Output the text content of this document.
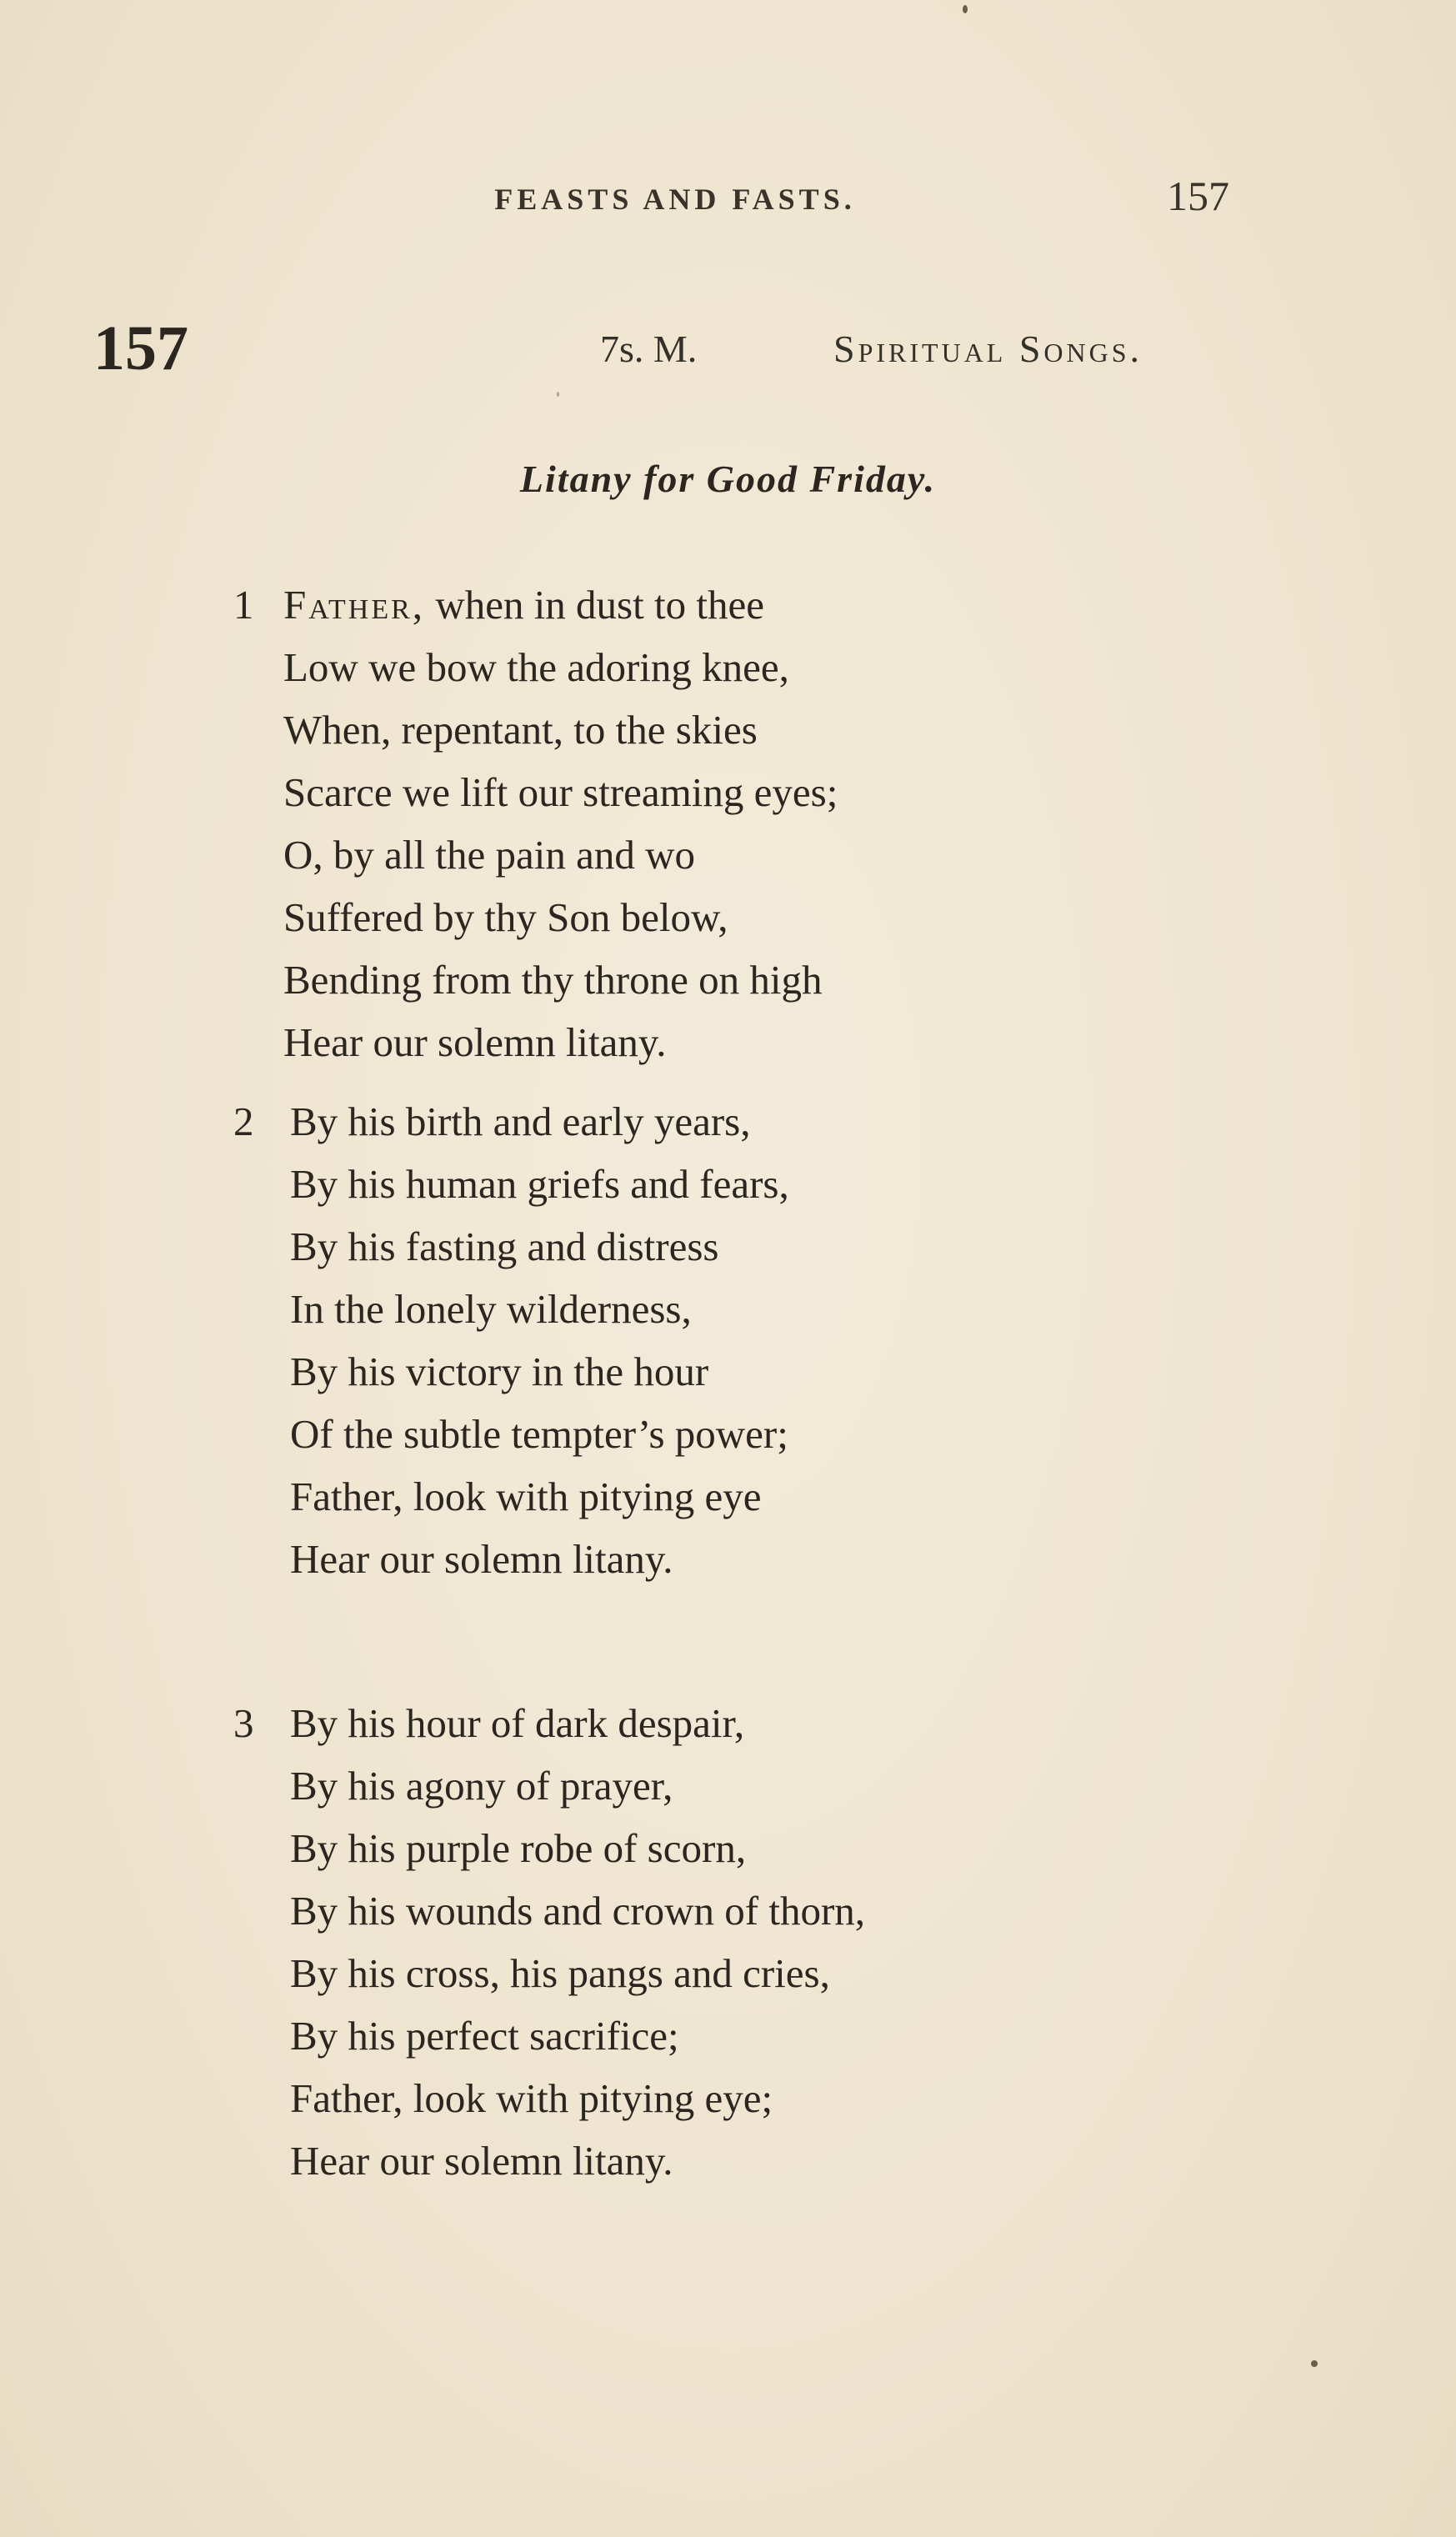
FEASTS AND FASTS.	157
157	7s. M.	Spiritual Songs.
Litany for Good Friday.
1 Father, when in dust to thee
Low we bow the adoring knee,
When, repentant, to the skies
Scarce we lift our streaming eyes;
O, by all the pain and wo
Suffered by thy Son below,
Bending from thy throne on high
Hear our solemn litany.
2 By his birth and early years,
By his human griefs and fears,
By his fasting and distress
In the lonely wilderness,
By his victory in the hour
Of the subtle tempter’s power;
Father, look with pitying eye
Hear our solemn litany.
3 By his hour of dark despair,
By his agony of prayer,
By his purple robe of scorn,
By his wounds and crown of thorn,
By his cross, his pangs and cries,
By his perfect sacrifice;
Father, look with pitying eye;
Hear our solemn litany.
